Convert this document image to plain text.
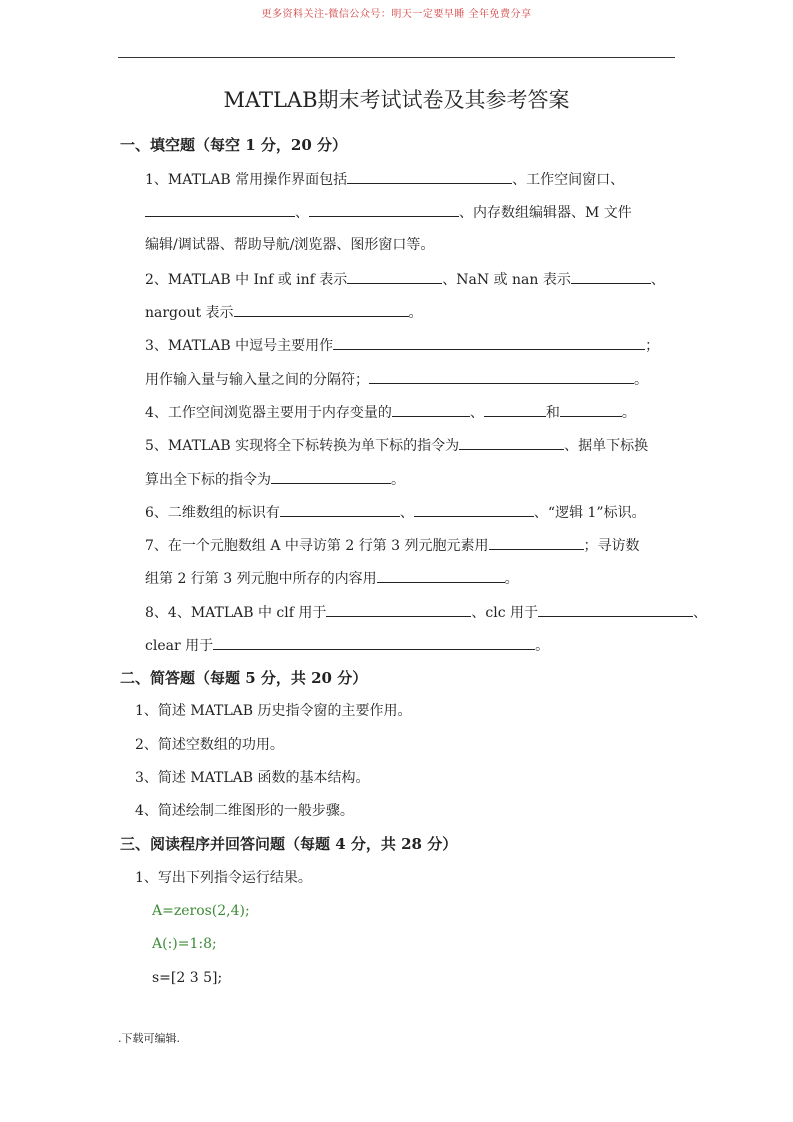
更多资料关注-微信公众号：明天一定要早睡 全年免费分享
MATLAB期末考试试卷及其参考答案
一、填空题（每空 1 分，20 分）
1、MATLAB 常用操作界面包括	、工作空间窗口、
、	、内存数组编辑器、M 文件
编辑/调试器、帮助导航/浏览器、图形窗口等。
2、MATLAB 中 Inf 或 inf 表示	、NaN 或 nan 表示	、
nargout 表示	。
3、MATLAB 中逗号主要用作	；
用作输入量与输入量之间的分隔符；	。
4、工作空间浏览器主要用于内存变量的	、	和	。
5、MATLAB 实现将全下标转换为单下标的指令为	、据单下标换
算出全下标的指令为	。
6、二维数组的标识有	、	、“逻辑 1”标识。
7、在一个元胞数组 A 中寻访第 2 行第 3 列元胞元素用	；寻访数
组第 2 行第 3 列元胞中所存的内容用	。
8、4、MATLAB 中 clf 用于	、clc 用于	、
clear 用于	。
二、简答题（每题 5 分，共 20 分）
1、简述 MATLAB 历史指令窗的主要作用。
2、简述空数组的功用。
3、简述 MATLAB 函数的基本结构。
4、简述绘制二维图形的一般步骤。
三、阅读程序并回答问题（每题 4 分，共 28 分）
1、写出下列指令运行结果。
A=zeros(2,4);
A(:)=1:8;
s=[2 3 5];
.下载可编辑.
